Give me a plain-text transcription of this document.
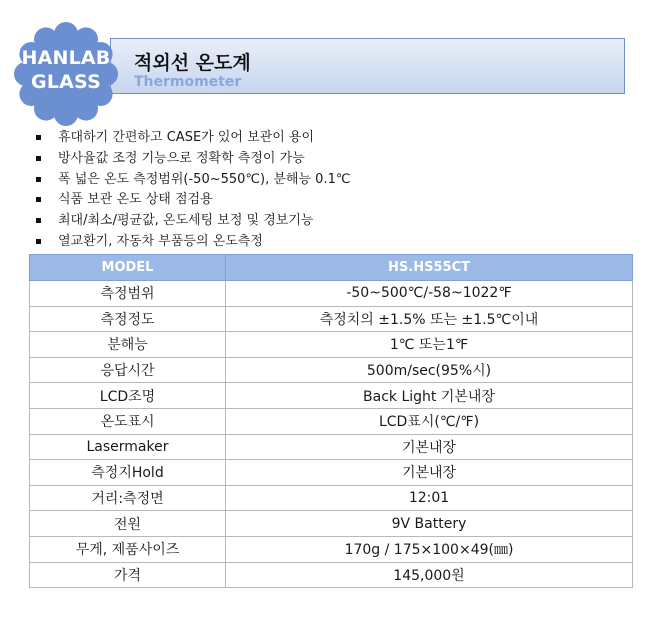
HANLAB
GLASS
적외선 온도계
Thermometer
휴대하기 간편하고 CASE가 있어 보관이 용이
방사율값 조정 기능으로 정확학 측정이 가능
폭 넓은 온도 측정범위(-50~550℃), 분해능 0.1℃
식품 보관 온도 상태 점검용
최대/최소/평균값, 온도세팅 보정 및 경보기능
열교환기, 자동차 부품등의 온도측정
MODEL	HS.HS55CT
측정범위	-50~500℃/-58~1022℉
측정정도	측정치의 ±1.5% 또는 ±1.5℃이내
분해능	1℃ 또는1℉
응답시간	500m/sec(95%시)
LCD조명	Back Light 기본내장
온도표시	LCD표시(℃/℉)
Lasermaker	기본내장
측정지Hold	기본내장
거리:측정면	12:01
전원	9V Battery
무게, 제품사이즈	170g / 175×100×49(㎜)
가격	145,000원
